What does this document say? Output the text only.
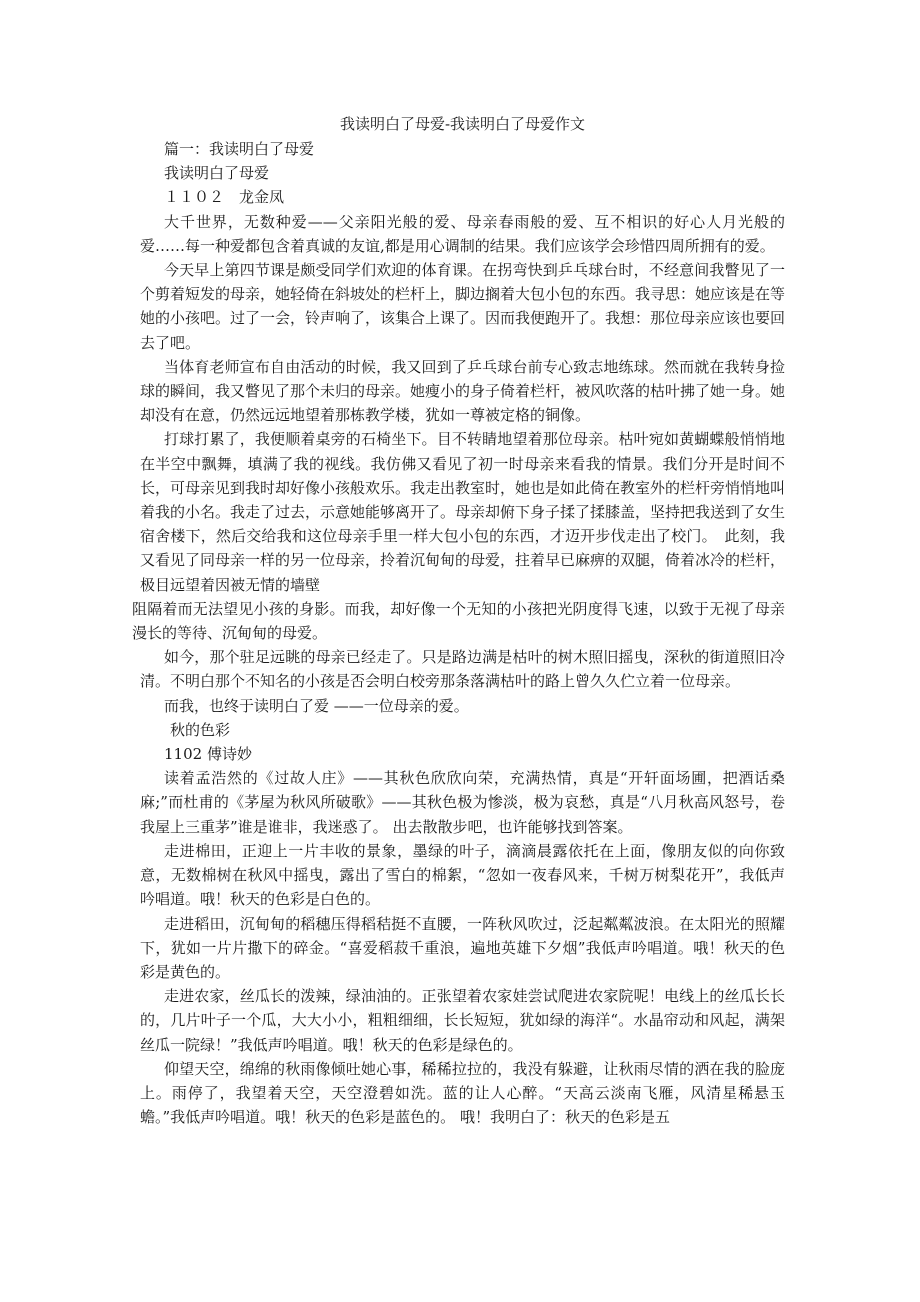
我读明白了母爱-我读明白了母爱作文

篇一：我读明白了母爱

我读明白了母爱

１１０２　龙金凤

大千世界，无数种爱——父亲阳光般的爱、母亲春雨般的爱、互不相识的好心人月光般的爱……每一种爱都包含着真诚的友谊,都是用心调制的结果。我们应该学会珍惜四周所拥有的爱。

今天早上第四节课是颇受同学们欢迎的体育课。在拐弯快到乒乓球台时，不经意间我瞥见了一个剪着短发的母亲，她轻倚在斜坡处的栏杆上，脚边搁着大包小包的东西。我寻思：她应该是在等她的小孩吧。过了一会，铃声响了，该集合上课了。因而我便跑开了。我想：那位母亲应该也要回去了吧。

当体育老师宣布自由活动的时候，我又回到了乒乓球台前专心致志地练球。然而就在我转身捡球的瞬间，我又瞥见了那个未归的母亲。她瘦小的身子倚着栏杆，被风吹落的枯叶拂了她一身。她却没有在意，仍然远远地望着那栋教学楼，犹如一尊被定格的铜像。

打球打累了，我便顺着桌旁的石椅坐下。目不转睛地望着那位母亲。枯叶宛如黄蝴蝶般悄悄地在半空中飘舞，填满了我的视线。我仿佛又看见了初一时母亲来看我的情景。我们分开是时间不长，可母亲见到我时却好像小孩般欢乐。我走出教室时，她也是如此倚在教室外的栏杆旁悄悄地叫着我的小名。我走了过去，示意她能够离开了。母亲却俯下身子揉了揉膝盖，坚持把我送到了女生宿舍楼下，然后交给我和这位母亲手里一样大包小包的东西，才迈开步伐走出了校门。　此刻，我又看见了同母亲一样的另一位母亲，拎着沉甸甸的母爱，拄着早已麻痹的双腿，倚着冰冷的栏杆，极目远望着因被无情的墙壁

阻隔着而无法望见小孩的身影。而我，却好像一个无知的小孩把光阴度得飞速，以致于无视了母亲漫长的等待、沉甸甸的母爱。

如今，那个驻足远眺的母亲已经走了。只是路边满是枯叶的树木照旧摇曳，深秋的街道照旧冷清。不明白那个不知名的小孩是否会明白校旁那条落满枯叶的路上曾久久伫立着一位母亲。

而我，也终于读明白了爱 ——一位母亲的爱。

秋的色彩

1102 傅诗妙

读着孟浩然的《过故人庄》——其秋色欣欣向荣，充满热情，真是“开轩面场圃，把酒话桑麻;”而杜甫的《茅屋为秋风所破歌》——其秋色极为惨淡，极为哀愁，真是“八月秋高风怒号，卷我屋上三重茅”谁是谁非，我迷惑了。 出去散散步吧，也许能够找到答案。

走进棉田，正迎上一片丰收的景象，墨绿的叶子，滴滴晨露依托在上面，像朋友似的向你致意，无数棉树在秋风中摇曳，露出了雪白的棉絮，“忽如一夜春风来，千树万树梨花开”，我低声吟唱道。哦！秋天的色彩是白色的。

走进稻田，沉甸甸的稻穗压得稻秸挺不直腰，一阵秋风吹过，泛起粼粼波浪。在太阳光的照耀下，犹如一片片撒下的碎金。“喜爱稻菽千重浪，遍地英雄下夕烟”我低声吟唱道。哦！秋天的色彩是黄色的。

走进农家，丝瓜长的泼辣，绿油油的。正张望着农家娃尝试爬进农家院呢！电线上的丝瓜长长的，几片叶子一个瓜，大大小小，粗粗细细，长长短短，犹如绿的海洋“。水晶帘动和风起，满架丝瓜一院绿！”我低声吟唱道。哦！秋天的色彩是绿色的。

仰望天空，绵绵的秋雨像倾吐她心事，稀稀拉拉的，我没有躲避，让秋雨尽情的洒在我的脸庞上。雨停了，我望着天空，天空澄碧如洗。蓝的让人心醉。“天高云淡南飞雁，风清星稀悬玉蟾。”我低声吟唱道。哦！秋天的色彩是蓝色的。 哦！我明白了：秋天的色彩是五
